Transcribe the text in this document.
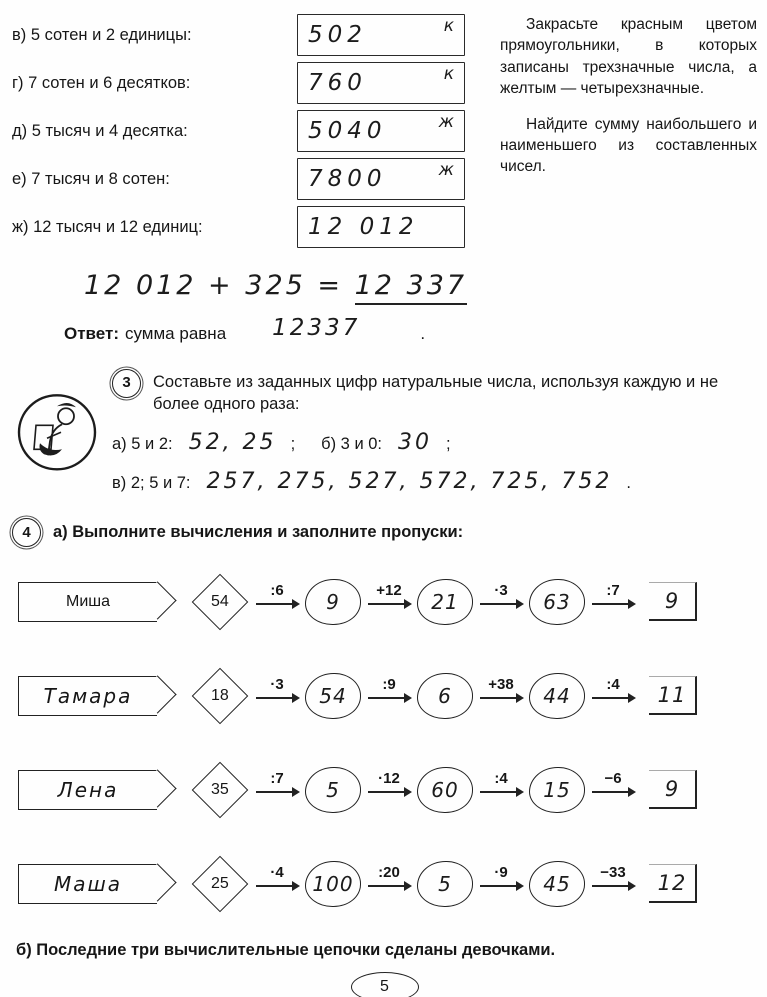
в) 5 сотен и 2 единицы:	502	к
г) 7 сотен и 6 десятков:	760	к
д) 5 тысяч и 4 десятка:	5040	ж
е) 7 тысяч и 8 сотен:	7800	ж
ж) 12 тысяч и 12 единиц:	12 012

Закрасьте красным цветом прямоугольники, в которых записаны трехзначные числа, а желтым — четырехзначные.

Найдите сумму наибольшего и наименьшего из составленных чисел.

12 012 + 325 = 12 337
Ответ: сумма равна 12337	.
3	Составьте из заданных цифр натуральные числа, используя каждую и не более одного раза:

а) 5 и 2: 52, 25 ; б) 3 и 0: 30 ;
в) 2; 5 и 7: 257, 275, 527, 572, 725, 752 .
4	а) Выполните вычисления и заполните пропуски:
Миша	54
:6 9 +12 21 ·3 63 :7 9
Тамара	18
·3 54 :9 6 +38 44 :4 11
Лена	35
:7 5	·12 60 :4 15 −6 9
Маша	25
·4 100 :20 5	·9 45 −33 12
б) Последние три вычислительные цепочки сделаны девочками.
5
